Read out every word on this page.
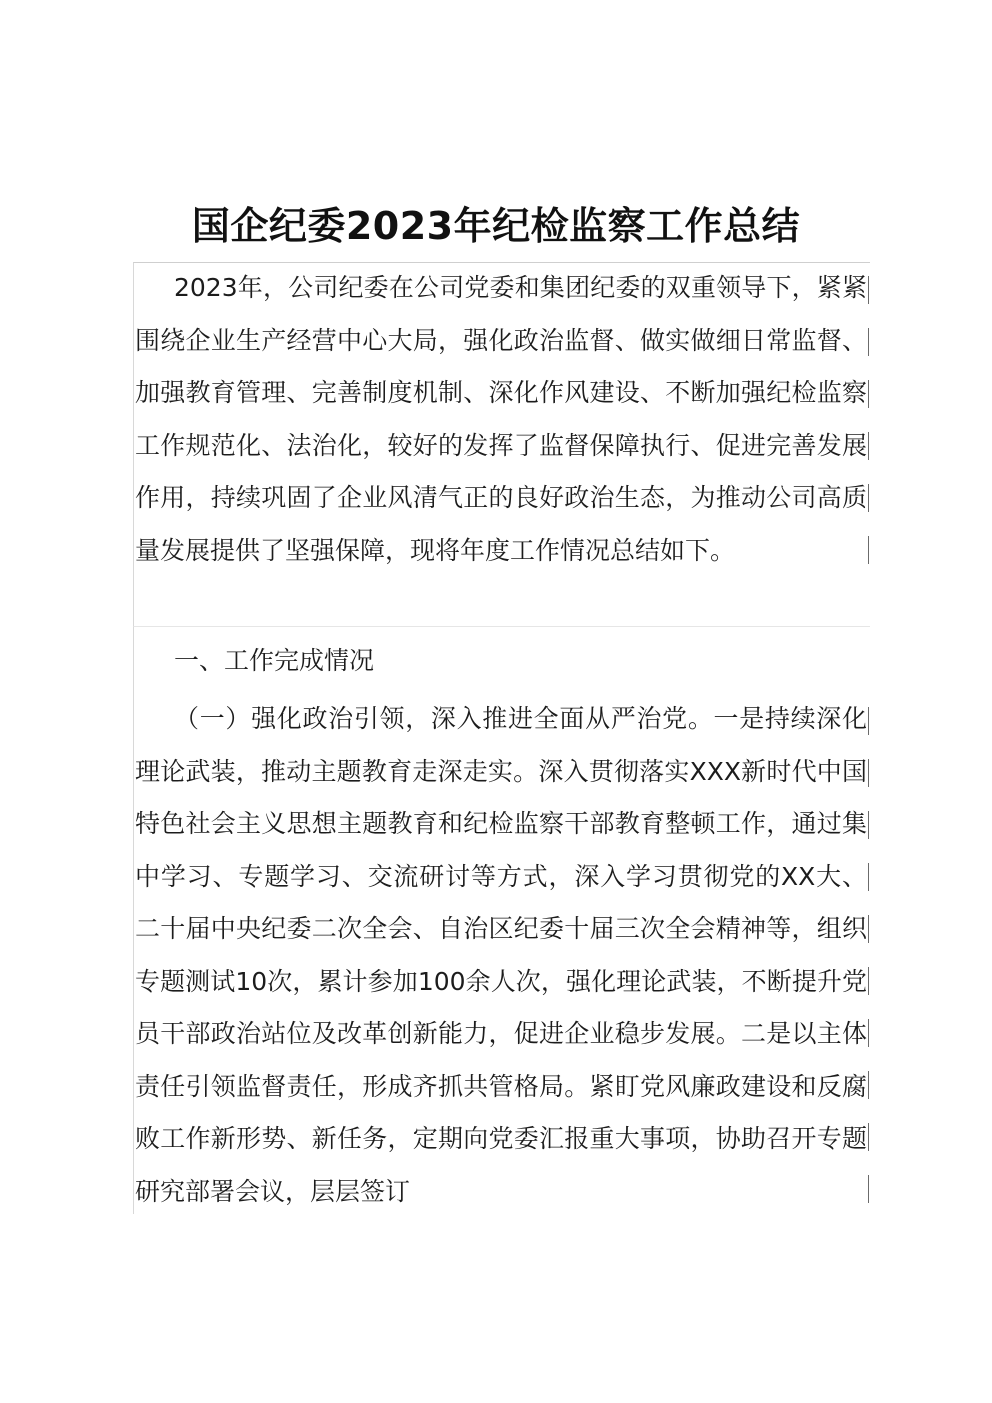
国企纪委2023年纪检监察工作总结

2023年，公司纪委在公司党委和集团纪委的双重领导下，紧紧围绕企业生产经营中心大局，强化政治监督、做实做细日常监督、加强教育管理、完善制度机制、深化作风建设、不断加强纪检监察工作规范化、法治化，较好的发挥了监督保障执行、促进完善发展作用，持续巩固了企业风清气正的良好政治生态，为推动公司高质量发展提供了坚强保障，现将年度工作情况总结如下。

一、工作完成情况

（一）强化政治引领，深入推进全面从严治党。一是持续深化理论武装，推动主题教育走深走实。深入贯彻落实XXX新时代中国特色社会主义思想主题教育和纪检监察干部教育整顿工作，通过集中学习、专题学习、交流研讨等方式，深入学习贯彻党的XX大、二十届中央纪委二次全会、自治区纪委十届三次全会精神等，组织专题测试10次，累计参加100余人次，强化理论武装，不断提升党员干部政治站位及改革创新能力，促进企业稳步发展。二是以主体责任引领监督责任，形成齐抓共管格局。紧盯党风廉政建设和反腐败工作新形势、新任务，定期向党委汇报重大事项，协助召开专题研究部署会议，层层签订
